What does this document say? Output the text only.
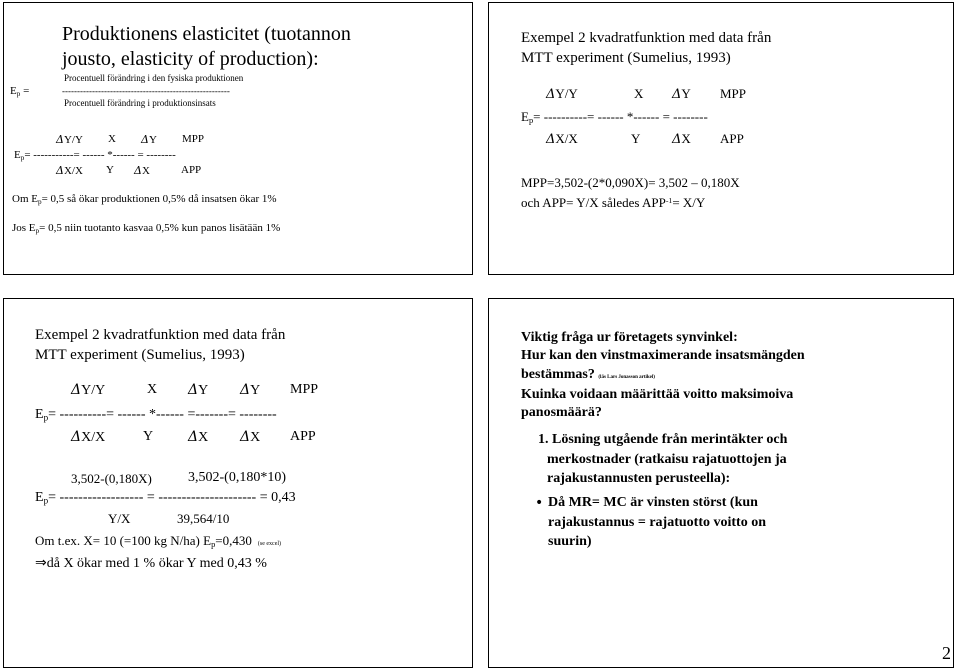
Produktionens elasticitet (tuotannon
jousto, elasticity of production):
$E_p$ =
Procentuell förändring i den fysiska produktionen
--------------------------------------------------------
Procentuell förändring i produktionsinsats
ΔY/Y X ΔY MPP
$E_p=$ -----------= ------ *------ = --------
ΔX/X Y ΔX	APP
Om $E_p= 0,5$ så ökar produktionen 0,5% då insatsen ökar 1%
Jos $E_p= 0,5$ niin tuotanto kasvaa 0,5% kun panos lisätään 1%
Exempel 2 kvadratfunktion med data från
MTT experiment (Sumelius, 1993)
ΔY/Y	X ΔY MPP
$E_p=$ ----------= ------ *------ = --------
ΔX/X	Y ΔX APP
MPP=3,502-(2*0,090X)= 3,502 – 0,180X
och APP= Y/X således $APP^{-1}= X/Y$
Exempel 2 kvadratfunktion med data från
MTT experiment (Sumelius, 1993)
ΔY/Y	X ΔY ΔY MPP
$E_p=$ ----------= ------ *------ =-------= --------
ΔX/X	Y ΔX ΔX APP
3,502-(0,180X)	3,502-(0,180*10)
$E_p=$ ------------------ = --------------------- = 0,43
Y/X	39,564/10
Om t.ex. X= 10 (=100 kg N/ha) $E_p=0,430$ (se excel)
⇒då X ökar med 1 % ökar Y med 0,43 %
Viktig fråga ur företagets synvinkel:
Hur kan den vinstmaximerande insatsmängden
bestämmas? (läs Lars Jonasson artikel)
Kuinka voidaan määrittää voitto maksimoiva
panosmäärä?
1. Lösning utgående från merintäkter och
merkostnader (ratkaisu rajatuottojen ja
rajakustannusten perusteella):
• Då MR= MC är vinsten störst (kun
rajakustannus = rajatuotto voitto on
suurin)
2
